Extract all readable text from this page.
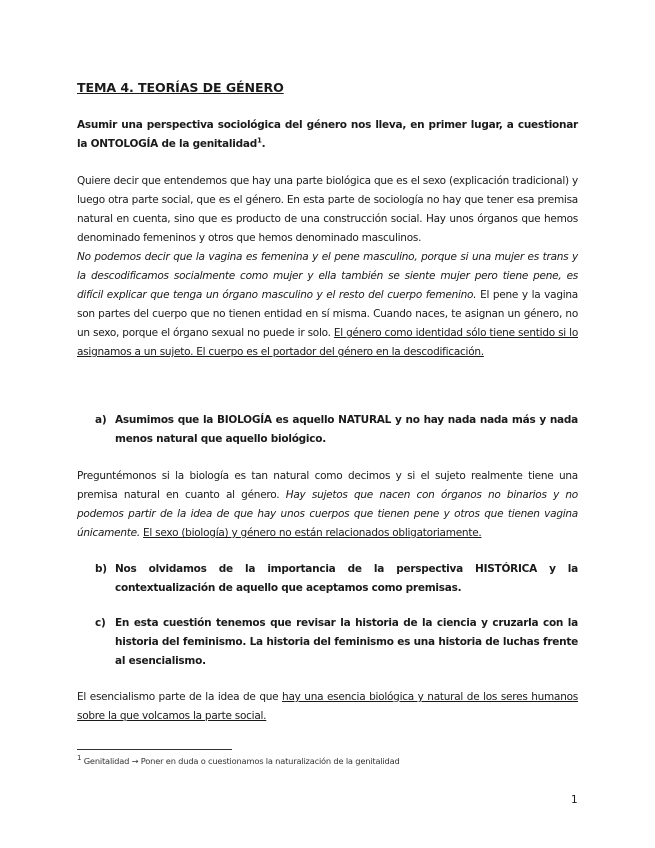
TEMA 4. TEORÍAS DE GÉNERO

Asumir una perspectiva sociológica del género nos lleva, en primer lugar, a cuestionar la ONTOLOGÍA de la genitalidad$^1$.

Quiere decir que entendemos que hay una parte biológica que es el sexo (explicación tradicional) y luego otra parte social, que es el género. En esta parte de sociología no hay que tener esa premisa natural en cuenta, sino que es producto de una construcción social. Hay unos órganos que hemos denominado femeninos y otros que hemos denominado masculinos.
No podemos decir que la vagina es femenina y el pene masculino, porque si una mujer es trans y la descodificamos socialmente como mujer y ella también se siente mujer pero tiene pene, es difícil explicar que tenga un órgano masculino y el resto del cuerpo femenino. El pene y la vagina son partes del cuerpo que no tienen entidad en sí misma. Cuando naces, te asignan un género, no un sexo, porque el órgano sexual no puede ir solo. El género como identidad sólo tiene sentido si lo asignamos a un sujeto. El cuerpo es el portador del género en la descodificación.

a) Asumimos que la BIOLOGÍA es aquello NATURAL y no hay nada nada más y nada menos natural que aquello biológico.

Preguntémonos si la biología es tan natural como decimos y si el sujeto realmente tiene una premisa natural en cuanto al género. Hay sujetos que nacen con órganos no binarios y no podemos partir de la idea de que hay unos cuerpos que tienen pene y otros que tienen vagina únicamente. El sexo (biología) y género no están relacionados obligatoriamente.

b) Nos olvidamos de la importancia de la perspectiva HISTÓRICA y la contextualización de aquello que aceptamos como premisas.
c) En esta cuestión tenemos que revisar la historia de la ciencia y cruzarla con la historia del feminismo. La historia del feminismo es una historia de luchas frente al esencialismo.

El esencialismo parte de la idea de que hay una esencia biológica y natural de los seres humanos sobre la que volcamos la parte social.

$^1$ Genitalidad → Poner en duda o cuestionamos la naturalización de la genitalidad
1
